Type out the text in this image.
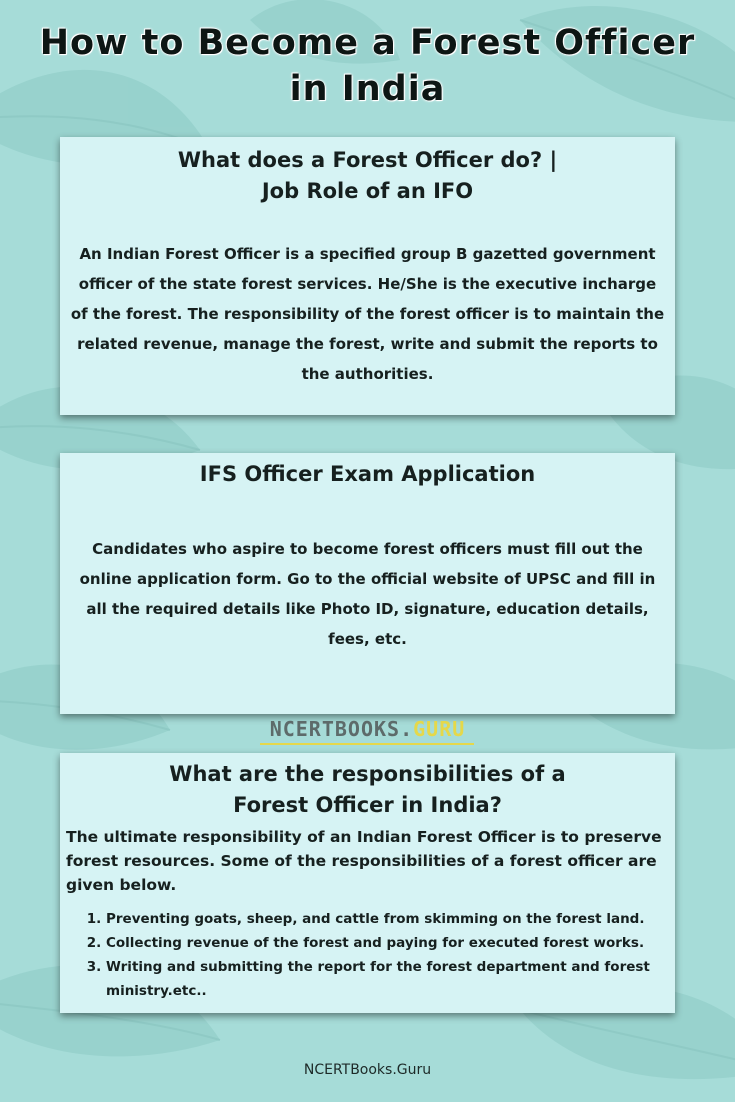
How to Become a Forest Officer
in India
What does a Forest Officer do? |
Job Role of an IFO

An Indian Forest Officer is a specified group B gazetted government officer of the state forest services. He/She is the executive incharge of the forest. The responsibility of the forest officer is to maintain the related revenue, manage the forest, write and submit the reports to the authorities.

IFS Officer Exam Application

Candidates who aspire to become forest officers must fill out the online application form. Go to the official website of UPSC and fill in all the required details like Photo ID, signature, education details, fees, etc.

NCERTBOOKS.GURU
What are the responsibilities of a
Forest Officer in India?

The ultimate responsibility of an Indian Forest Officer is to preserve forest resources. Some of the responsibilities of a forest officer are given below.

1. Preventing goats, sheep, and cattle from skimming on the forest land.
2. Collecting revenue of the forest and paying for executed forest works.
3. Writing and submitting the report for the forest department and forest ministry.etc..
NCERTBooks.Guru
